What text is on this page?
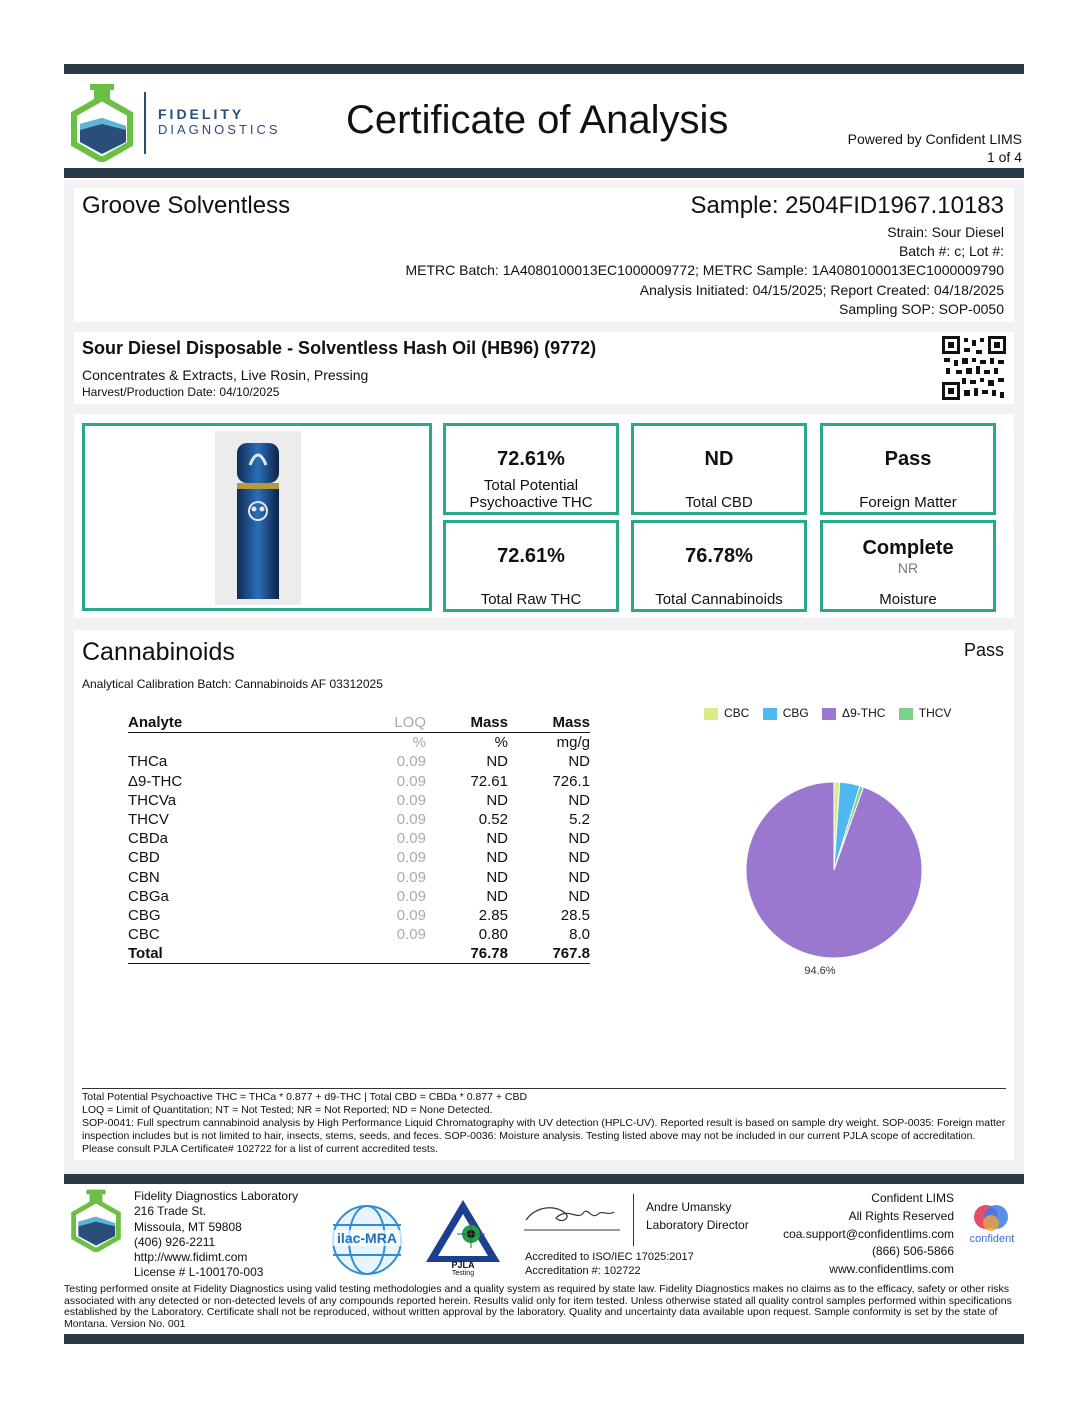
FIDELITY
DIAGNOSTICS Certificate of Analysis	Powered by Confident LIMS
1 of 4
Groove Solventless	Sample: 2504FID1967.10183
Strain: Sour Diesel
Batch #: c; Lot #:
METRC Batch: 1A4080100013EC1000009772; METRC Sample: 1A4080100013EC1000009790
Analysis Initiated: 04/15/2025; Report Created: 04/18/2025
Sampling SOP: SOP-0050
Sour Diesel Disposable - Solventless Hash Oil (HB96) (9772)
Concentrates & Extracts, Live Rosin, Pressing
Harvest/Production Date: 04/10/2025
72.61%
Total Potential
Psychoactive THC
ND
Total CBD
Pass
Foreign Matter
72.61%
Total Raw THC
76.78%
Total Cannabinoids
Complete
NR
Moisture
Cannabinoids	Pass
Analytical Calibration Batch: Cannabinoids AF 03312025
Analyte	LOQ	Mass	Mass
	%	%	mg/g
THCa	0.09	ND	ND
Δ9-THC	0.09	72.61	726.1
THCVa	0.09	ND	ND
THCV	0.09	0.52	5.2
CBDa	0.09	ND	ND
CBD	0.09	ND	ND
CBN	0.09	ND	ND
CBGa	0.09	ND	ND
CBG	0.09	2.85	28.5
CBC	0.09	0.80	8.0
Total		76.78	767.8
CBC	CBG	Δ9-THC	THCV
94.6%
Total Potential Psychoactive THC = THCa * 0.877 + d9-THC | Total CBD = CBDa * 0.877 + CBD
LOQ = Limit of Quantitation; NT = Not Tested; NR = Not Reported; ND = None Detected.
SOP-0041: Full spectrum cannabinoid analysis by High Performance Liquid Chromatography with UV detection (HPLC-UV). Reported result is based on sample dry weight. SOP-0035: Foreign matter inspection includes but is not limited to hair, insects, stems, seeds, and feces. SOP-0036: Moisture analysis. Testing listed above may not be included in our current PJLA scope of accreditation. Please consult PJLA Certificate# 102722 for a list of current accredited tests.
Fidelity Diagnostics Laboratory
216 Trade St.
Missoula, MT 59808
(406) 926-2211
http://www.fidimt.com
License # L-100170-003
ilac-MRA
PJLA
Testing
Andre Umansky
Laboratory Director
Accredited to ISO/IEC 17025:2017
Accreditation #: 102722
Confident LIMS
All Rights Reserved
coa.support@confidentlims.com
(866) 506-5866
www.confidentlims.com
confident
Testing performed onsite at Fidelity Diagnostics using valid testing methodologies and a quality system as required by state law. Fidelity Diagnostics makes no claims as to the efficacy, safety or other risks associated with any detected or non-detected levels of any compounds reported herein. Results valid only for item tested. Unless otherwise stated all quality control samples performed within specifications established by the Laboratory. Certificate shall not be reproduced, without written approval by the laboratory. Quality and uncertainty data available upon request. Sample conformity is set by the state of Montana. Version No. 001
